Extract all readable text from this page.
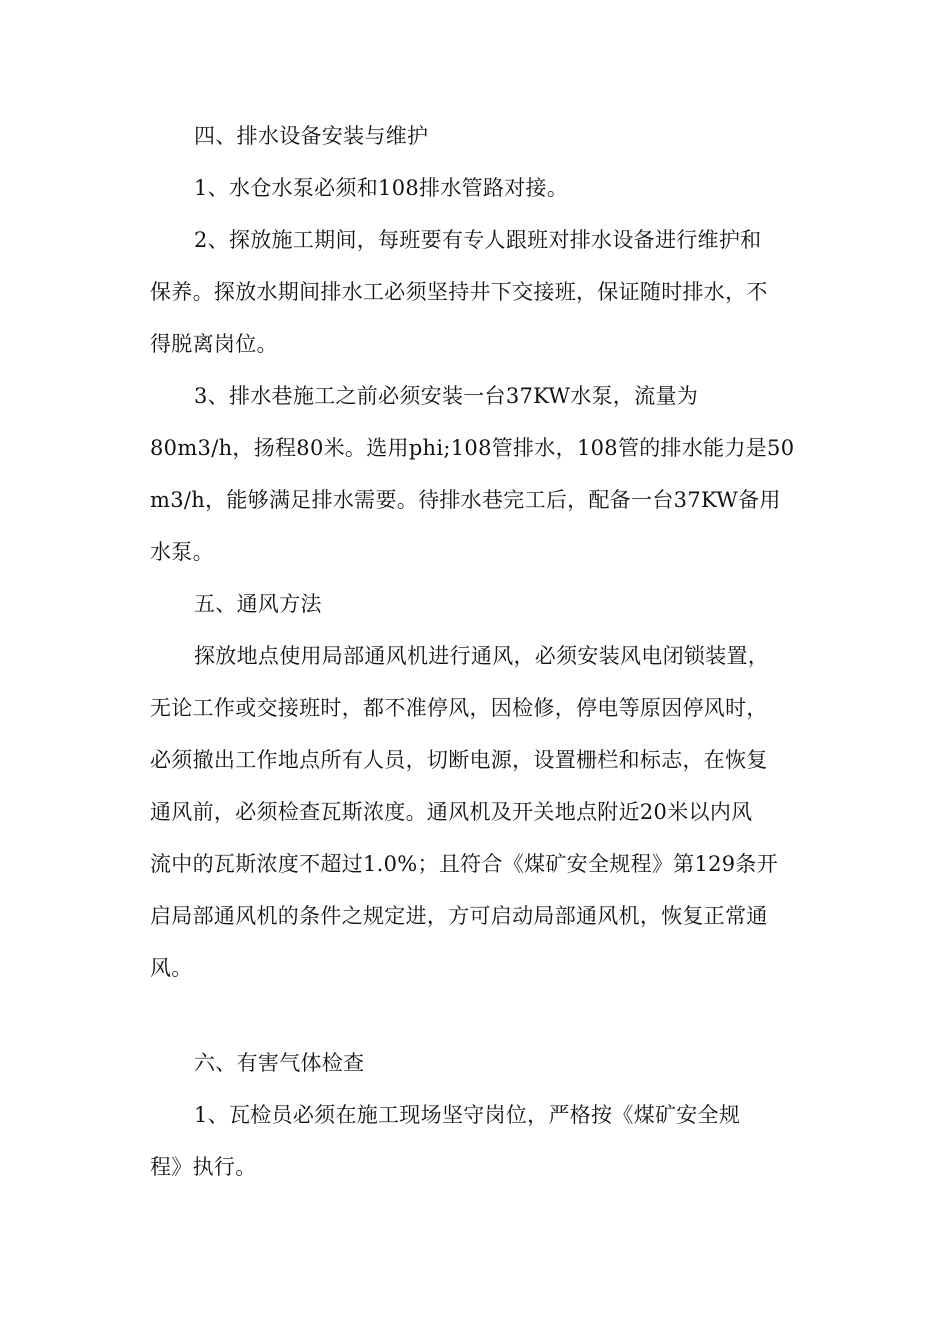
四、排水设备安装与维护
1、水仓水泵必须和108排水管路对接。
2、探放施工期间，每班要有专人跟班对排水设备进行维护和
保养。探放水期间排水工必须坚持井下交接班，保证随时排水，不
得脱离岗位。
3、排水巷施工之前必须安装一台37KW水泵，流量为
80m3/h，扬程80米。选用phi;108管排水，108管的排水能力是50
m3/h，能够满足排水需要。待排水巷完工后，配备一台37KW备用
水泵。
五、通风方法
探放地点使用局部通风机进行通风，必须安装风电闭锁装置，
无论工作或交接班时，都不准停风，因检修，停电等原因停风时，
必须撤出工作地点所有人员，切断电源，设置栅栏和标志，在恢复
通风前，必须检查瓦斯浓度。通风机及开关地点附近20米以内风
流中的瓦斯浓度不超过1.0%；且符合《煤矿安全规程》第129条开
启局部通风机的条件之规定进，方可启动局部通风机，恢复正常通
风。
六、有害气体检查
1、瓦检员必须在施工现场坚守岗位，严格按《煤矿安全规
程》执行。
